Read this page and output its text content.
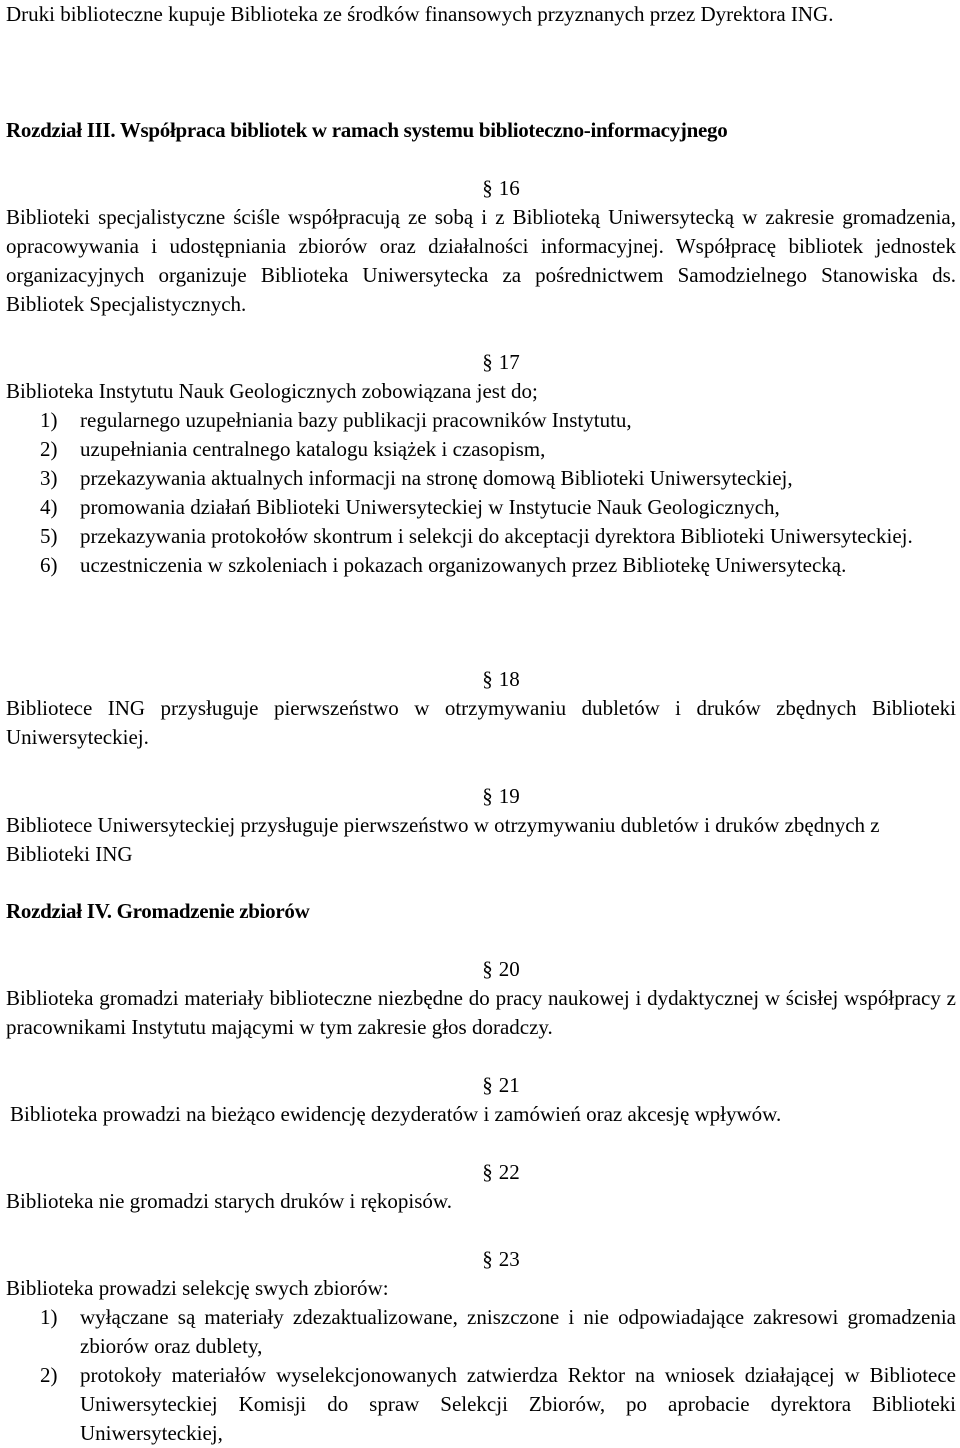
Druki biblioteczne kupuje Biblioteka ze środków finansowych przyznanych przez Dyrektora ING.

Rozdział III. Współpraca bibliotek w ramach systemu biblioteczno-informacyjnego

§ 16

Biblioteki specjalistyczne ściśle współpracują ze sobą i z Biblioteką Uniwersytecką w zakresie gromadzenia, opracowywania i udostępniania zbiorów oraz działalności informacyjnej. Współpracę bibliotek jednostek organizacyjnych organizuje Biblioteka Uniwersytecka za pośrednictwem Samodzielnego Stanowiska ds. Bibliotek Specjalistycznych.

§ 17

Biblioteka Instytutu Nauk Geologicznych zobowiązana jest do;

1) regularnego uzupełniania bazy publikacji pracowników Instytutu,
2) uzupełniania centralnego katalogu książek i czasopism,
3) przekazywania aktualnych informacji na stronę domową Biblioteki Uniwersyteckiej,
4) promowania działań Biblioteki Uniwersyteckiej w Instytucie Nauk Geologicznych,
5) przekazywania protokołów skontrum i selekcji do akceptacji dyrektora Biblioteki Uniwersyteckiej.
6) uczestniczenia w szkoleniach i pokazach organizowanych przez Bibliotekę Uniwersytecką.

§ 18

Bibliotece ING przysługuje pierwszeństwo w otrzymywaniu dubletów i druków zbędnych Biblioteki Uniwersyteckiej.

§ 19

Bibliotece Uniwersyteckiej przysługuje pierwszeństwo w otrzymywaniu dubletów i druków zbędnych z Biblioteki ING

Rozdział IV. Gromadzenie zbiorów

§ 20

Biblioteka gromadzi materiały biblioteczne niezbędne do pracy naukowej i dydaktycznej w ścisłej współpracy z pracownikami Instytutu mającymi w tym zakresie głos doradczy.

§ 21

Biblioteka prowadzi na bieżąco ewidencję dezyderatów i zamówień oraz akcesję wpływów.

§ 22

Biblioteka nie gromadzi starych druków i rękopisów.

§ 23

Biblioteka prowadzi selekcję swych zbiorów:

1) wyłączane są materiały zdezaktualizowane, zniszczone i nie odpowiadające zakresowi gromadzenia zbiorów oraz dublety,
2) protokoły materiałów wyselekcjonowanych zatwierdza Rektor na wniosek działającej w Bibliotece Uniwersyteckiej Komisji do spraw Selekcji Zbiorów, po aprobacie dyrektora Biblioteki Uniwersyteckiej,
